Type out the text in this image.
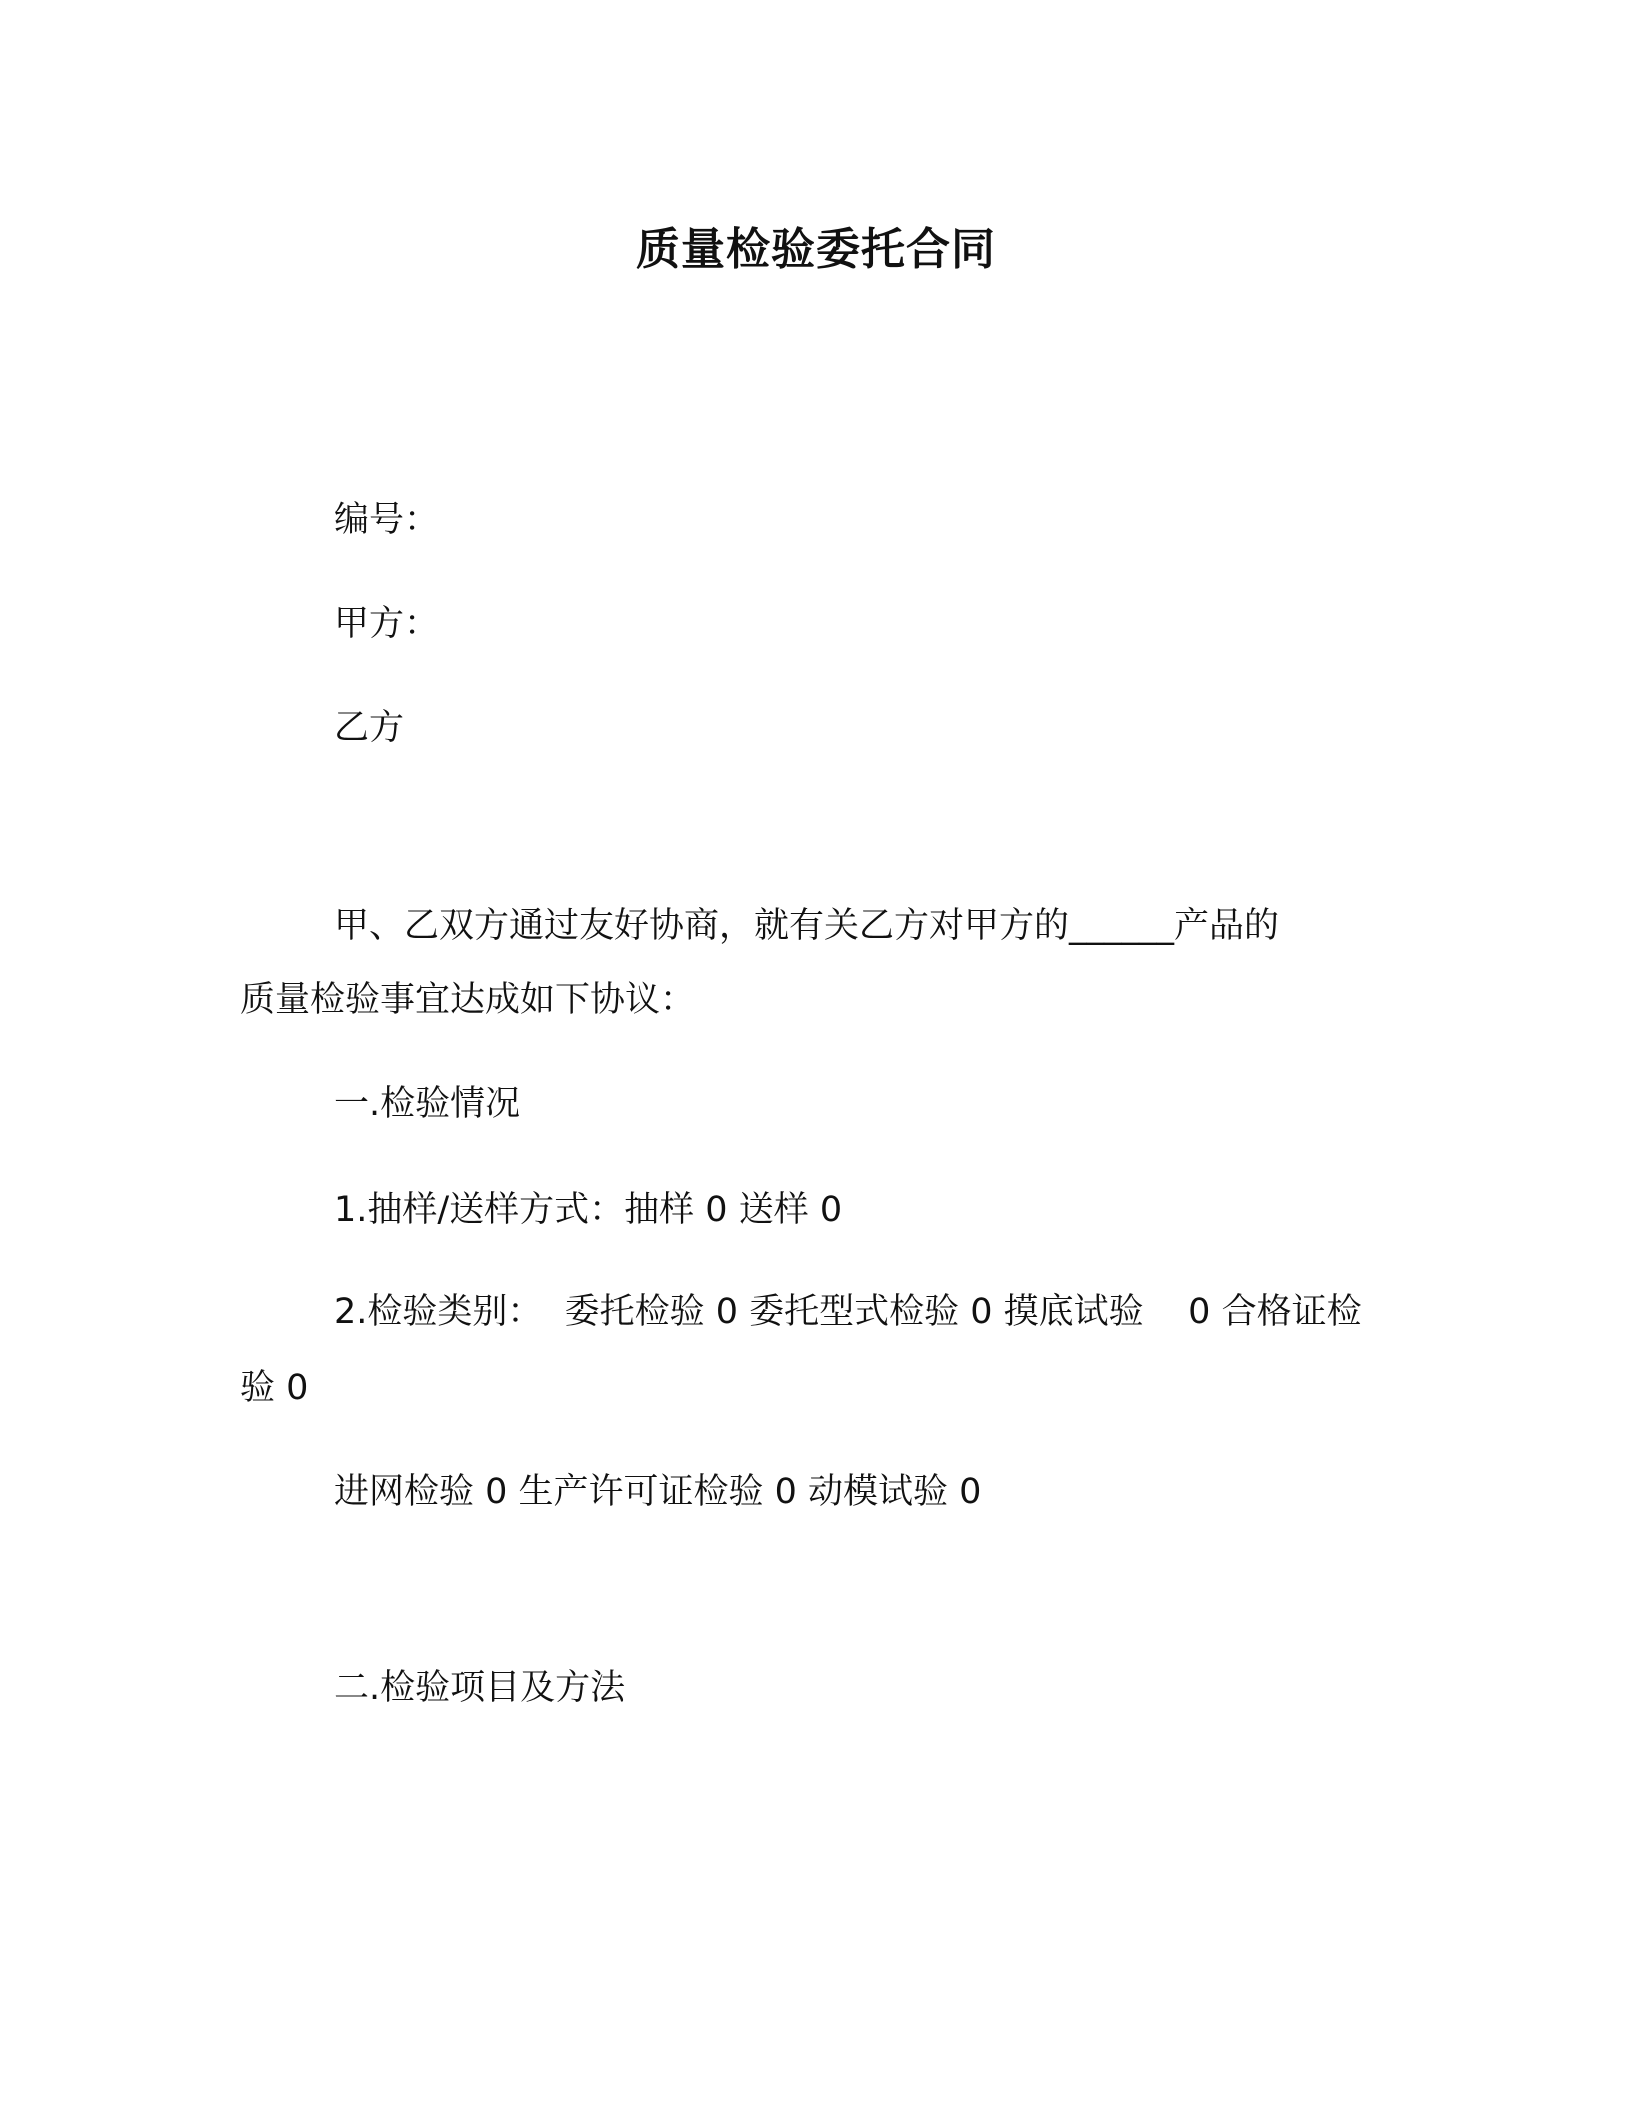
质量检验委托合同
编号：
甲方：
乙方
甲、乙双方通过友好协商，就有关乙方对甲方的______产品的
质量检验事宜达成如下协议：
一.检验情况
1.抽样/送样方式：抽样 0 送样 0
2.检验类别：  委托检验 0 委托型式检验 0 摸底试验    0 合格证检
验 0
进网检验 0 生产许可证检验 0 动模试验 0
二.检验项目及方法
